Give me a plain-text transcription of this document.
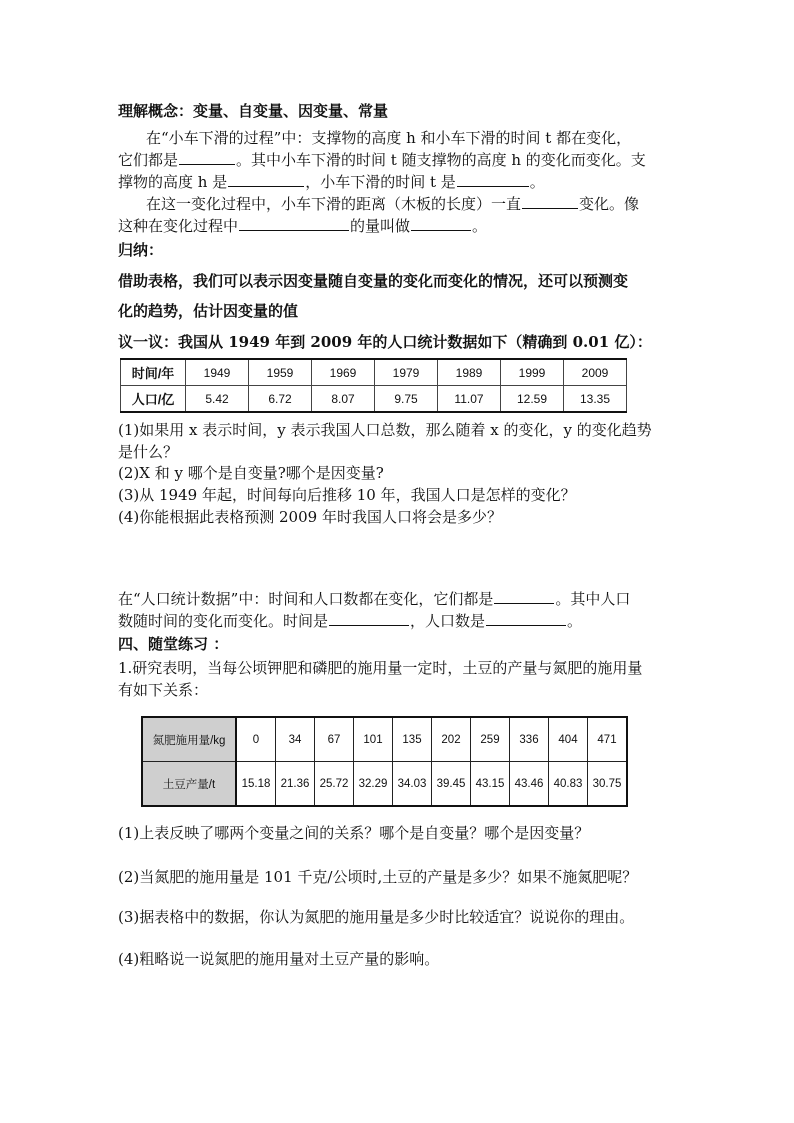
理解概念：变量、自变量、因变量、常量
在“小车下滑的过程”中：支撑物的高度 h 和小车下滑的时间 t 都在变化，
它们都是	。其中小车下滑的时间 t 随支撑物的高度 h 的变化而变化。支
撑物的高度 h 是	，小车下滑的时间 t 是	。
在这一变化过程中，小车下滑的距离（木板的长度）一直	变化。像
这种在变化过程中	的量叫做	。
归纳：
借助表格，我们可以表示因变量随自变量的变化而变化的情况，还可以预测变
化的趋势，估计因变量的值
议一议：我国从 1949 年到 2009 年的人口统计数据如下（精确到 0.01 亿）：
时间/年	1949	1959	1969	1979	1989	1999	2009
人口/亿	5.42	6.72	8.07	9.75	11.07	12.59	13.35
(1)如果用 x 表示时间，y 表示我国人口总数，那么随着 x 的变化，y 的变化趋势
是什么？
(2)X 和 y 哪个是自变量?哪个是因变量?
(3)从 1949 年起，时间每向后推移 10 年，我国人口是怎样的变化？
(4)你能根据此表格预测 2009 年时我国人口将会是多少？
在“人口统计数据”中：时间和人口数都在变化，它们都是	。其中人口
数随时间的变化而变化。时间是	，人口数是	。
四、随堂练习 ：
1.研究表明，当每公顷钾肥和磷肥的施用量一定时，土豆的产量与氮肥的施用量
有如下关系：
氮肥施用量/kg	0	34	67	101	135	202	259	336	404	471
土豆产量/t	15.18	21.36	25.72	32.29	34.03	39.45	43.15	43.46	40.83	30.75
(1)上表反映了哪两个变量之间的关系？哪个是自变量？哪个是因变量？
(2)当氮肥的施用量是 101 千克/公顷时,土豆的产量是多少？如果不施氮肥呢？
(3)据表格中的数据，你认为氮肥的施用量是多少时比较适宜？说说你的理由。
(4)粗略说一说氮肥的施用量对土豆产量的影响。
